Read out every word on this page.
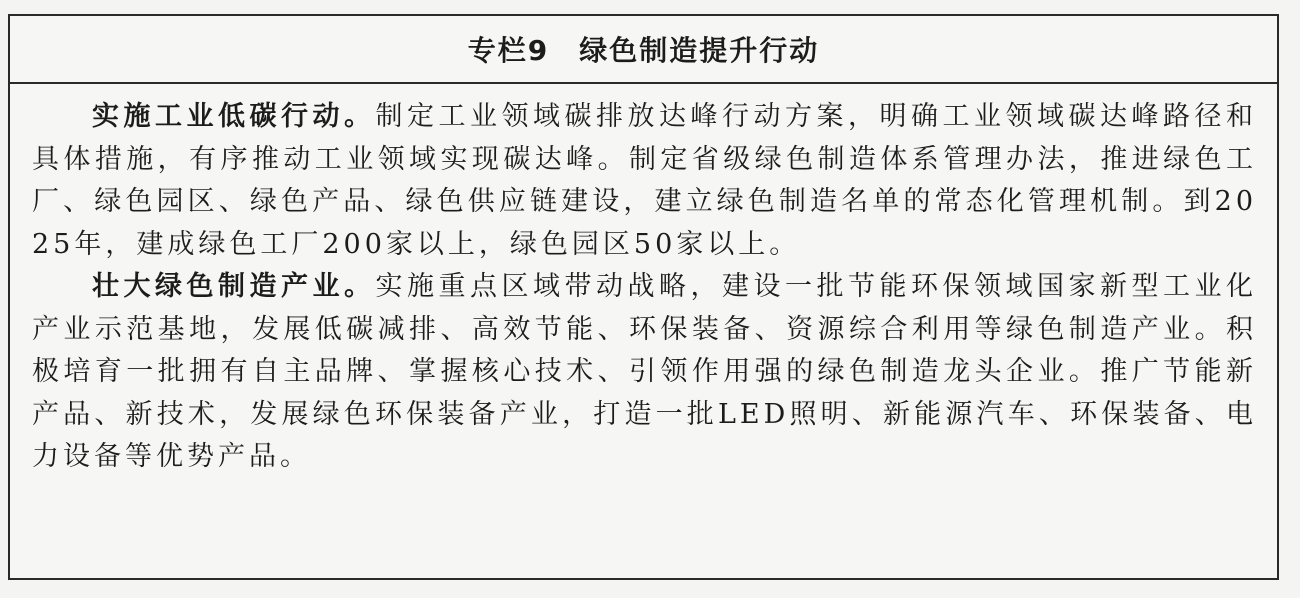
专栏9　绿色制造提升行动

实施工业低碳行动。制定工业领域碳排放达峰行动方案，明确工业领域碳达峰路径和具体措施，有序推动工业领域实现碳达峰。制定省级绿色制造体系管理办法，推进绿色工厂、绿色园区、绿色产品、绿色供应链建设，建立绿色制造名单的常态化管理机制。到2025年，建成绿色工厂200家以上，绿色园区50家以上。

壮大绿色制造产业。实施重点区域带动战略，建设一批节能环保领域国家新型工业化产业示范基地，发展低碳减排、高效节能、环保装备、资源综合利用等绿色制造产业。积极培育一批拥有自主品牌、掌握核心技术、引领作用强的绿色制造龙头企业。推广节能新产品、新技术，发展绿色环保装备产业，打造一批LED照明、新能源汽车、环保装备、电力设备等优势产品。
